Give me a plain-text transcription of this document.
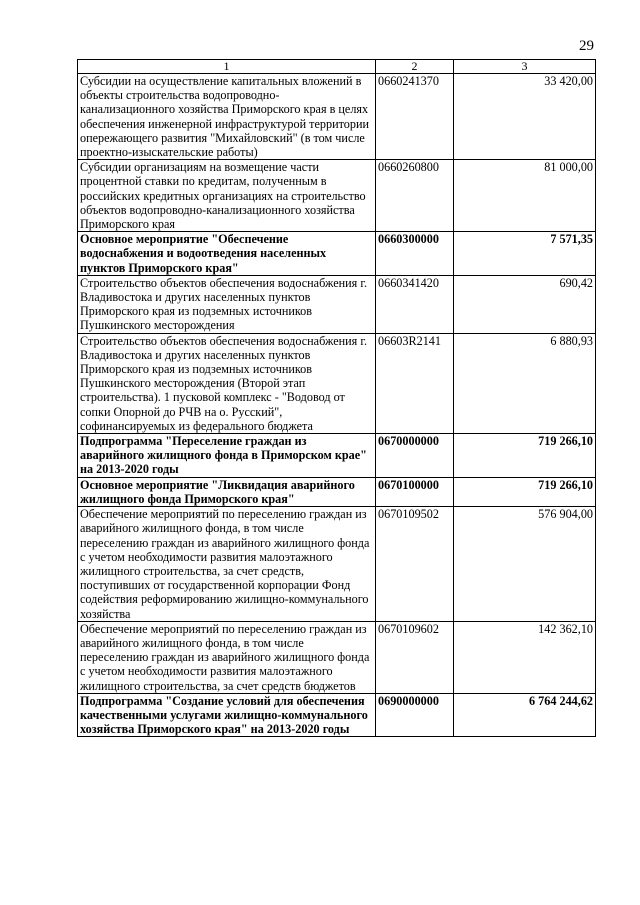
29
1	2	3
Субсидии на осуществление капитальных вложений в объекты строительства водопроводно-канализационного хозяйства Приморского края в целях обеспечения инженерной инфраструктурой территории опережающего развития "Михайловский" (в том числе проектно-изыскательские работы)	0660241370	33 420,00
Субсидии организациям на возмещение части процентной ставки по кредитам, полученным в российских кредитных организациях на строительство объектов водопроводно-канализационного хозяйства Приморского края	0660260800	81 000,00
Основное мероприятие "Обеспечение водоснабжения и водоотведения населенных пунктов Приморского края"	0660300000	7 571,35
Строительство объектов обеспечения водоснабжения г. Владивостока и других населенных пунктов Приморского края из подземных источников Пушкинского месторождения	0660341420	690,42
Строительство объектов обеспечения водоснабжения г. Владивостока и других населенных пунктов Приморского края из подземных источников Пушкинского месторождения (Второй этап строительства). 1 пусковой комплекс - "Водовод от сопки Опорной до РЧВ на о. Русский", софинансируемых из федерального бюджета	06603R2141	6 880,93
Подпрограмма "Переселение граждан из аварийного жилищного фонда в Приморском крае" на 2013-2020 годы	0670000000	719 266,10
Основное мероприятие "Ликвидация аварийного жилищного фонда Приморского края"	0670100000	719 266,10
Обеспечение мероприятий по переселению граждан из аварийного жилищного фонда, в том числе переселению граждан из аварийного жилищного фонда с учетом необходимости развития малоэтажного жилищного строительства, за счет средств, поступивших от государственной корпорации Фонд содействия реформированию жилищно-коммунального хозяйства	0670109502	576 904,00
Обеспечение мероприятий по переселению граждан из аварийного жилищного фонда, в том числе переселению граждан из аварийного жилищного фонда с учетом необходимости развития малоэтажного жилищного строительства, за счет средств бюджетов	0670109602	142 362,10
Подпрограмма "Создание условий для обеспечения качественными услугами жилищно-коммунального хозяйства Приморского края" на 2013-2020 годы	0690000000	6 764 244,62
